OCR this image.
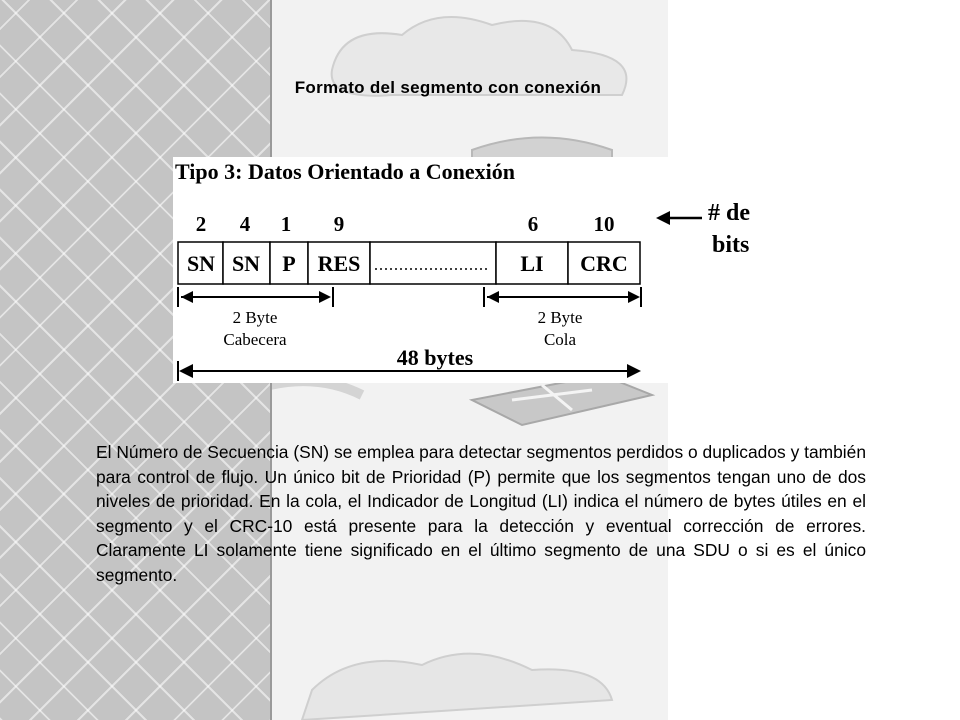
Formato del segmento con conexión
Tipo 3: Datos Orientado a Conexión
2 4 1 9	6	10
SN SN P RES	LI CRC
2 Byte
Cabecera
2 Byte
Cola
48 bytes
# de
bits
El Número de Secuencia (SN) se emplea para detectar segmentos perdidos o duplicados y también para control de flujo. Un único bit de Prioridad (P) permite que los segmentos tengan uno de dos niveles de prioridad. En la cola, el Indicador de Longitud (LI) indica el número de bytes útiles en el segmento y el CRC-10 está presente para la detección y eventual corrección de errores. Claramente LI solamente tiene significado en el último segmento de una SDU o si es el único segmento.
